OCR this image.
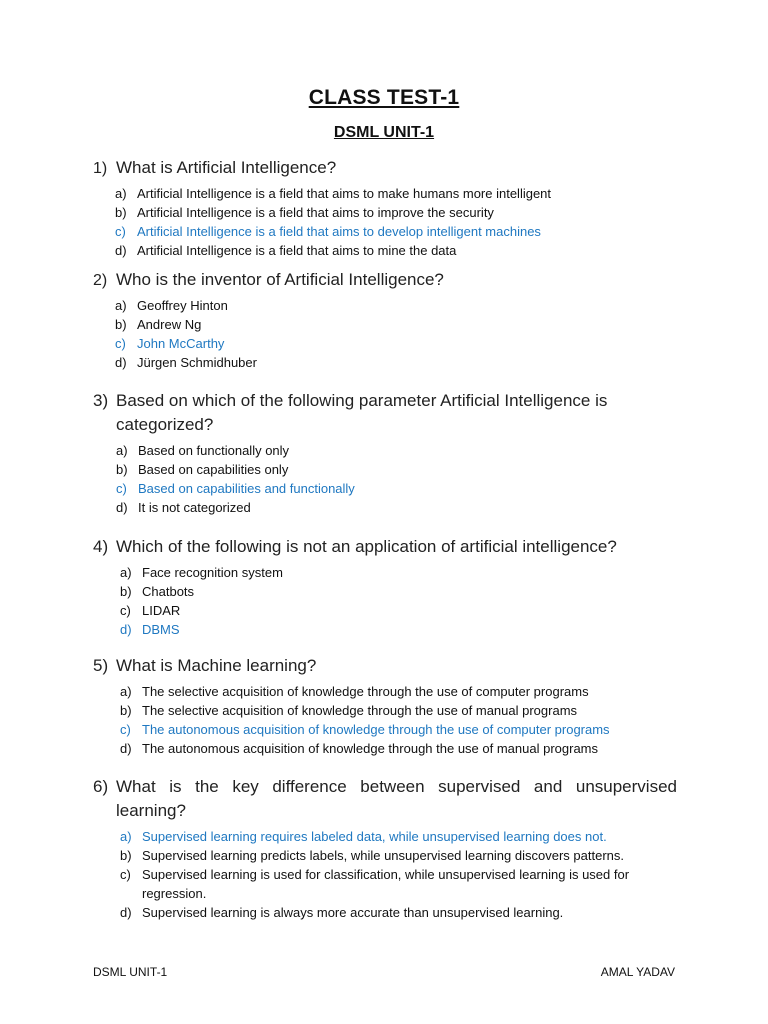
CLASS TEST-1
DSML UNIT-1
1) What is Artificial Intelligence?
a) Artificial Intelligence is a field that aims to make humans more intelligent
b) Artificial Intelligence is a field that aims to improve the security
c) Artificial Intelligence is a field that aims to develop intelligent machines
d) Artificial Intelligence is a field that aims to mine the data
2) Who is the inventor of Artificial Intelligence?
a) Geoffrey Hinton
b) Andrew Ng
c) John McCarthy
d) Jürgen Schmidhuber
3) Based on which of the following parameter Artificial Intelligence is categorized?
a) Based on functionally only
b) Based on capabilities only
c) Based on capabilities and functionally
d) It is not categorized
4) Which of the following is not an application of artificial intelligence?
a) Face recognition system
b) Chatbots
c) LIDAR
d) DBMS
5) What is Machine learning?
a) The selective acquisition of knowledge through the use of computer programs
b) The selective acquisition of knowledge through the use of manual programs
c) The autonomous acquisition of knowledge through the use of computer programs
d) The autonomous acquisition of knowledge through the use of manual programs
6) What is the key difference between supervised and unsupervised
learning?
a) Supervised learning requires labeled data, while unsupervised learning does not.
b) Supervised learning predicts labels, while unsupervised learning discovers patterns.
c) Supervised learning is used for classification, while unsupervised learning is used for regression.
d) Supervised learning is always more accurate than unsupervised learning.
DSML UNIT-1	AMAL YADAV
